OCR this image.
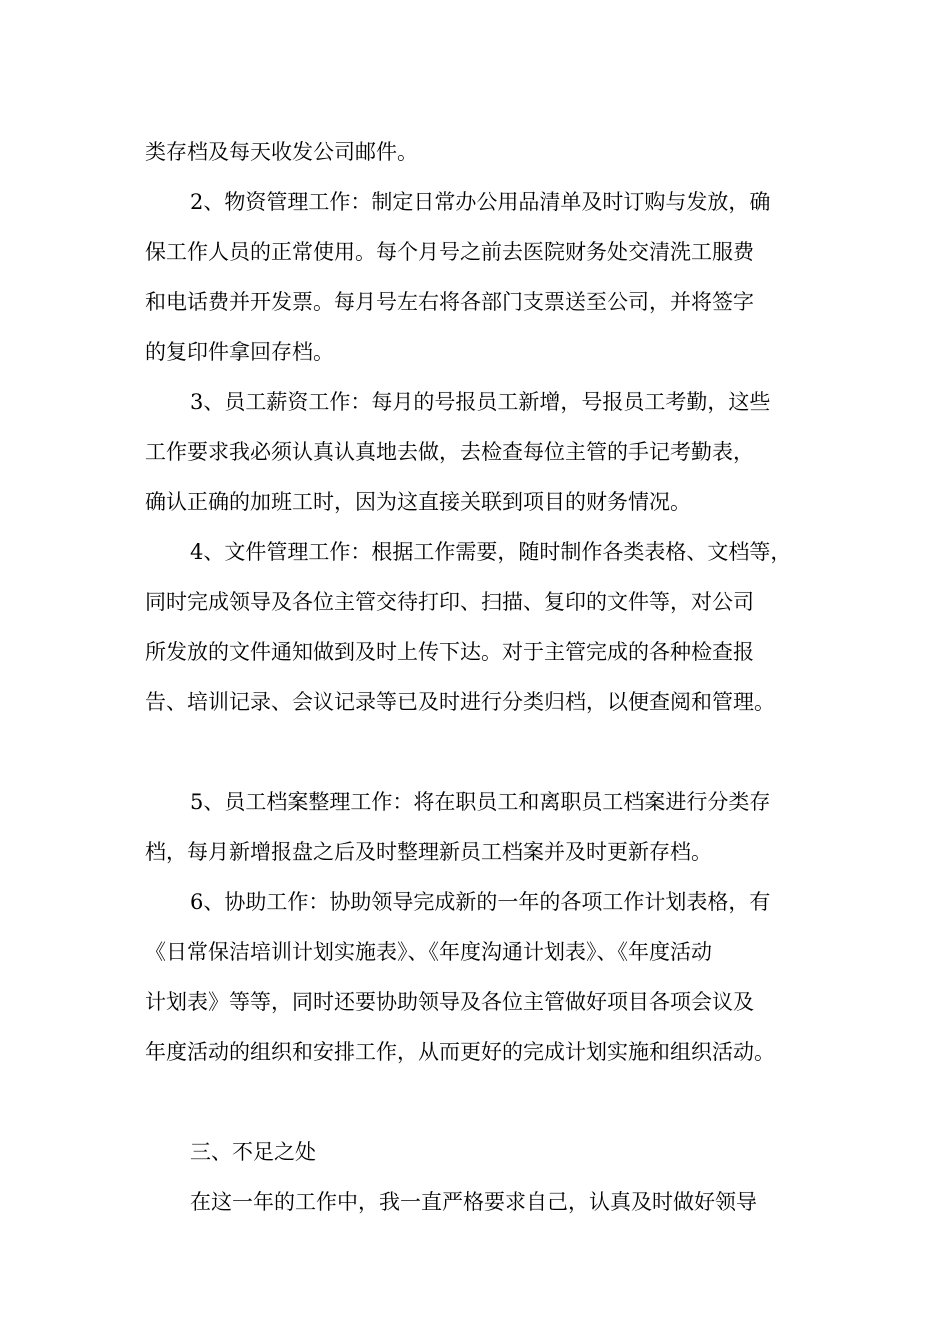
类存档及每天收发公司邮件。
2、物资管理工作：制定日常办公用品清单及时订购与发放，确
保工作人员的正常使用。每个月号之前去医院财务处交清洗工服费
和电话费并开发票。每月号左右将各部门支票送至公司，并将签字
的复印件拿回存档。
3、员工薪资工作：每月的号报员工新增，号报员工考勤，这些
工作要求我必须认真认真地去做，去检查每位主管的手记考勤表，
确认正确的加班工时，因为这直接关联到项目的财务情况。
4、文件管理工作：根据工作需要，随时制作各类表格、文档等，
同时完成领导及各位主管交待打印、扫描、复印的文件等，对公司
所发放的文件通知做到及时上传下达。对于主管完成的各种检查报
告、培训记录、会议记录等已及时进行分类归档，以便查阅和管理。
5、员工档案整理工作：将在职员工和离职员工档案进行分类存
档，每月新增报盘之后及时整理新员工档案并及时更新存档。
6、协助工作：协助领导完成新的一年的各项工作计划表格，有
《日常保洁培训计划实施表》、《年度沟通计划表》、《年度活动
计划表》等等，同时还要协助领导及各位主管做好项目各项会议及
年度活动的组织和安排工作，从而更好的完成计划实施和组织活动。
三、不足之处
在这一年的工作中，我一直严格要求自己，认真及时做好领导
